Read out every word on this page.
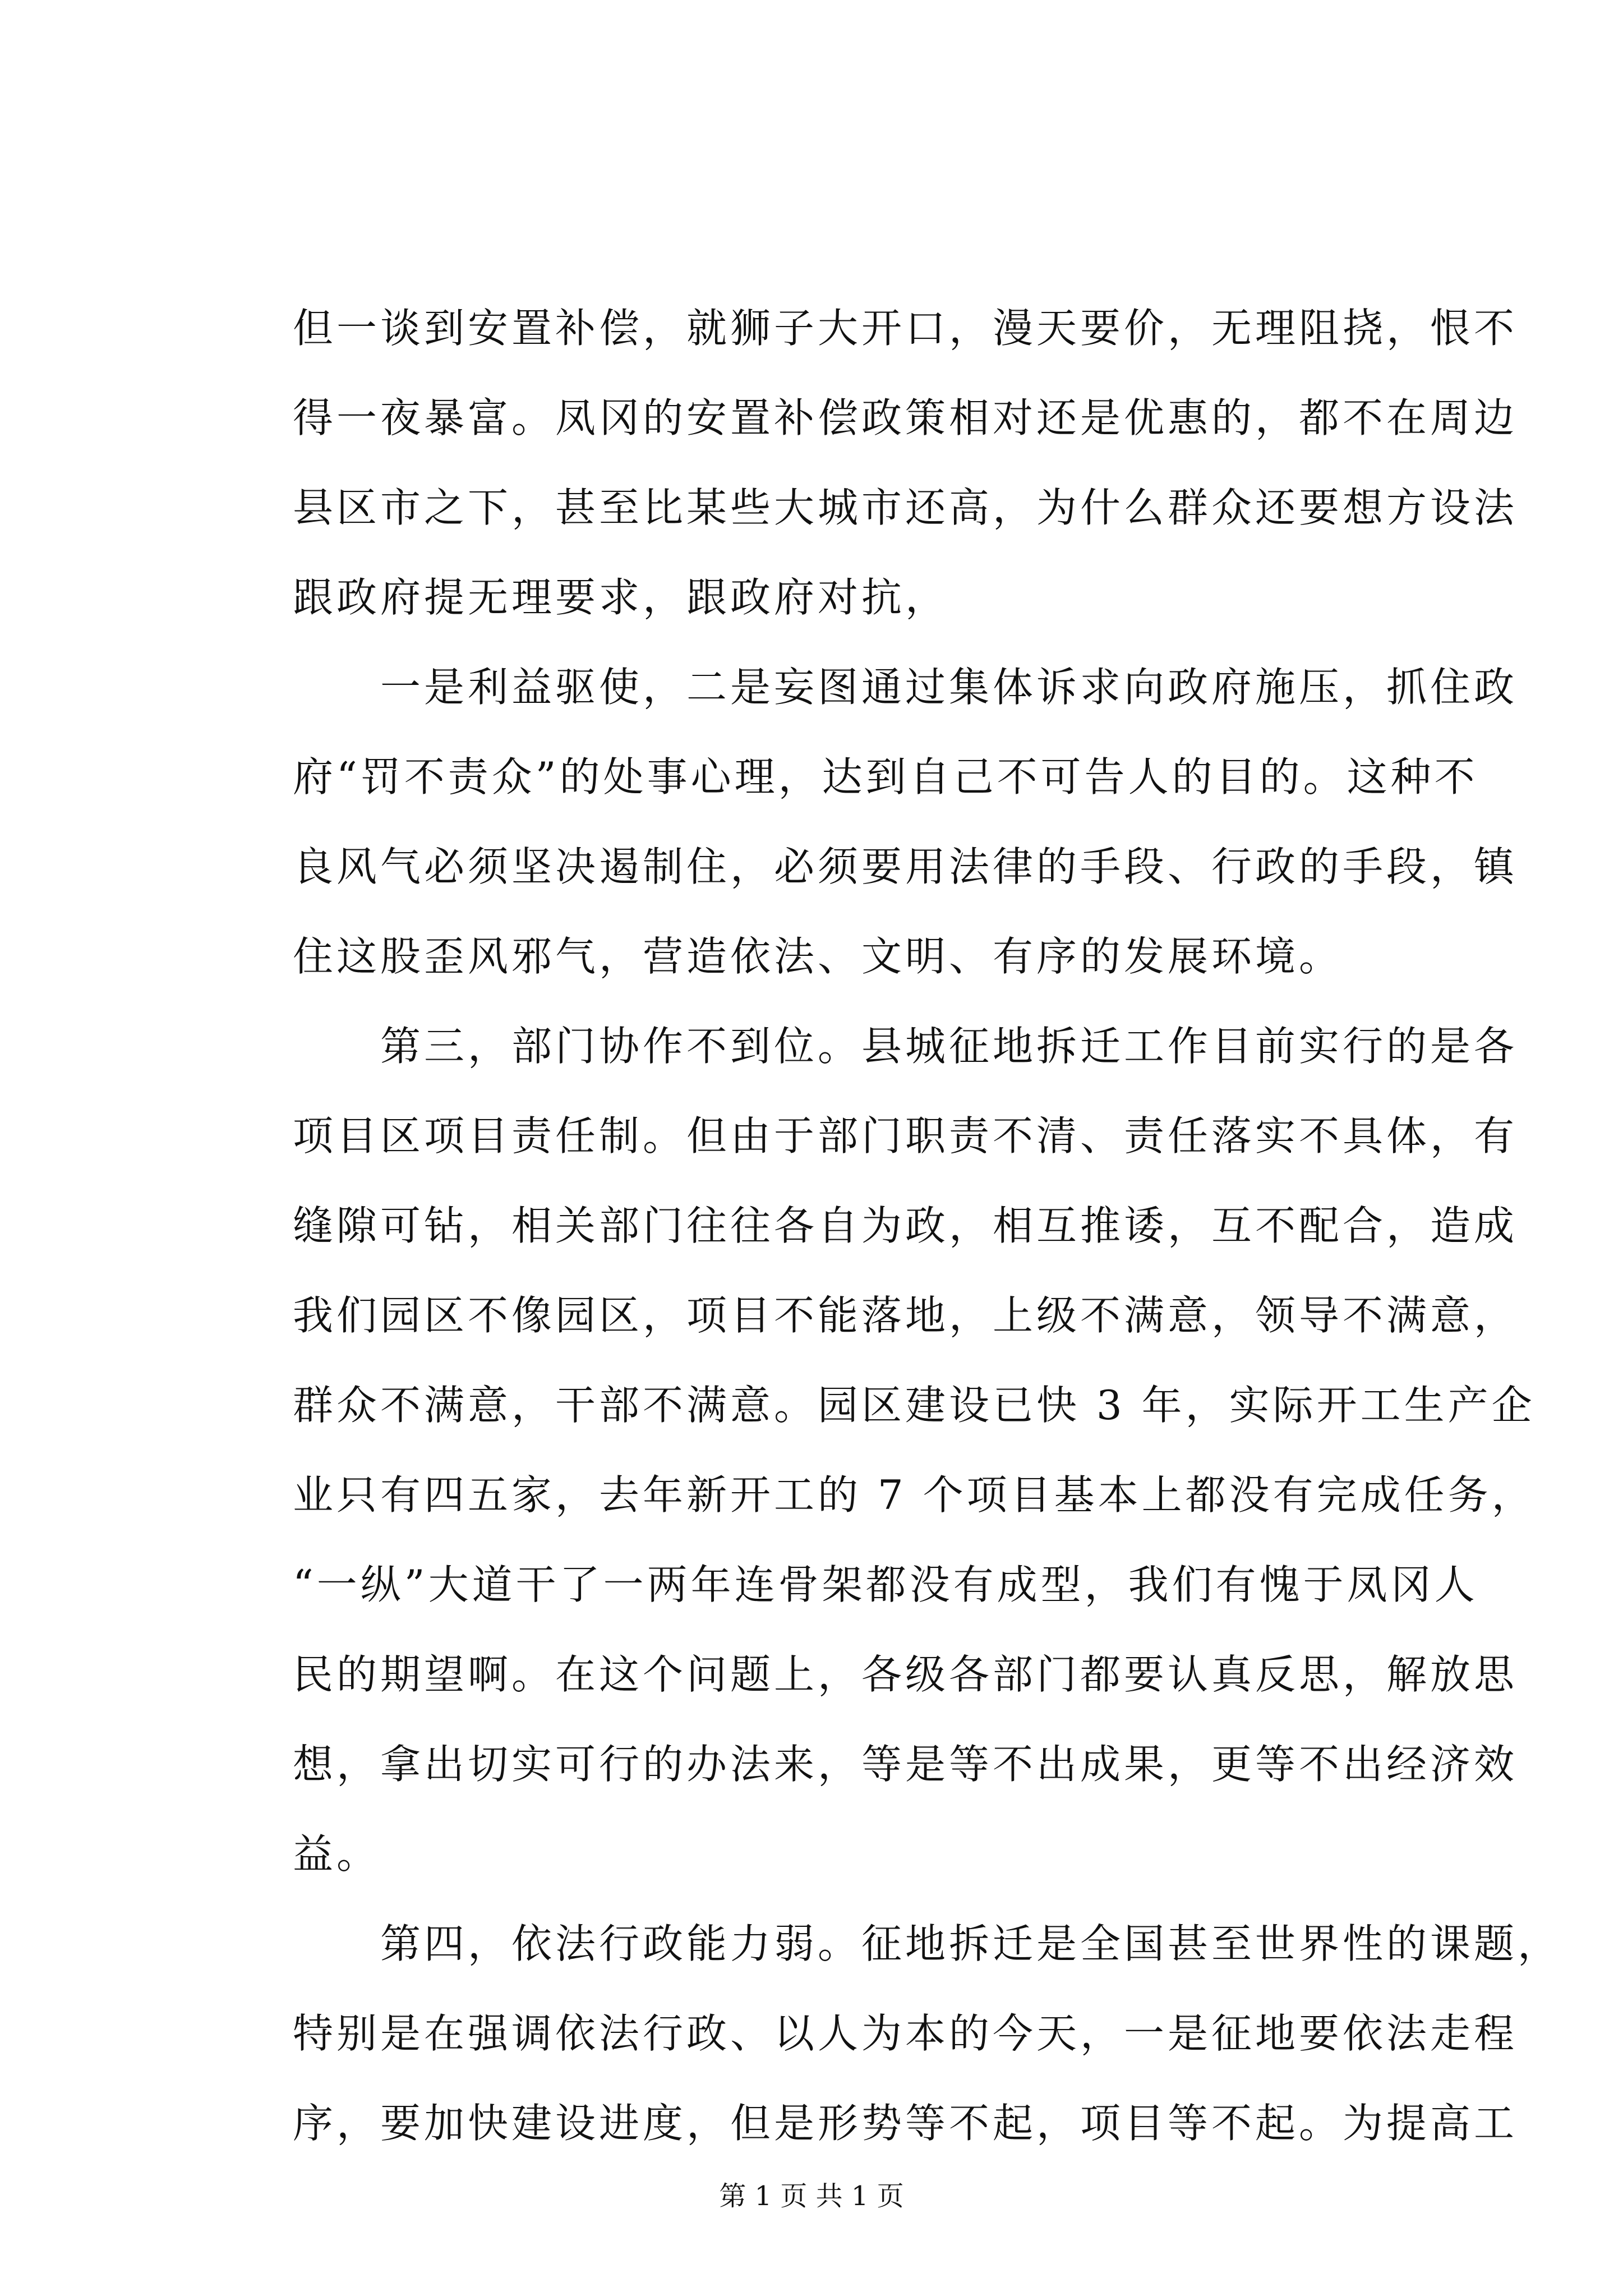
但一谈到安置补偿，就狮子大开口，漫天要价，无理阻挠，恨不
得一夜暴富。凤冈的安置补偿政策相对还是优惠的，都不在周边
县区市之下，甚至比某些大城市还高，为什么群众还要想方设法
跟政府提无理要求，跟政府对抗，
　　一是利益驱使，二是妄图通过集体诉求向政府施压，抓住政
府“罚不责众”的处事心理，达到自己不可告人的目的。这种不
良风气必须坚决遏制住，必须要用法律的手段、行政的手段，镇
住这股歪风邪气，营造依法、文明、有序的发展环境。
　　第三，部门协作不到位。县城征地拆迁工作目前实行的是各
项目区项目责任制。但由于部门职责不清、责任落实不具体，有
缝隙可钻，相关部门往往各自为政，相互推诿，互不配合，造成
我们园区不像园区，项目不能落地，上级不满意，领导不满意，
群众不满意，干部不满意。园区建设已快 3 年，实际开工生产企
业只有四五家，去年新开工的 7 个项目基本上都没有完成任务，
“一纵”大道干了一两年连骨架都没有成型，我们有愧于凤冈人
民的期望啊。在这个问题上，各级各部门都要认真反思，解放思
想，拿出切实可行的办法来，等是等不出成果，更等不出经济效
益。
　　第四，依法行政能力弱。征地拆迁是全国甚至世界性的课题，
特别是在强调依法行政、以人为本的今天，一是征地要依法走程
序，要加快建设进度，但是形势等不起，项目等不起。为提高工
第 1 页 共 1 页
